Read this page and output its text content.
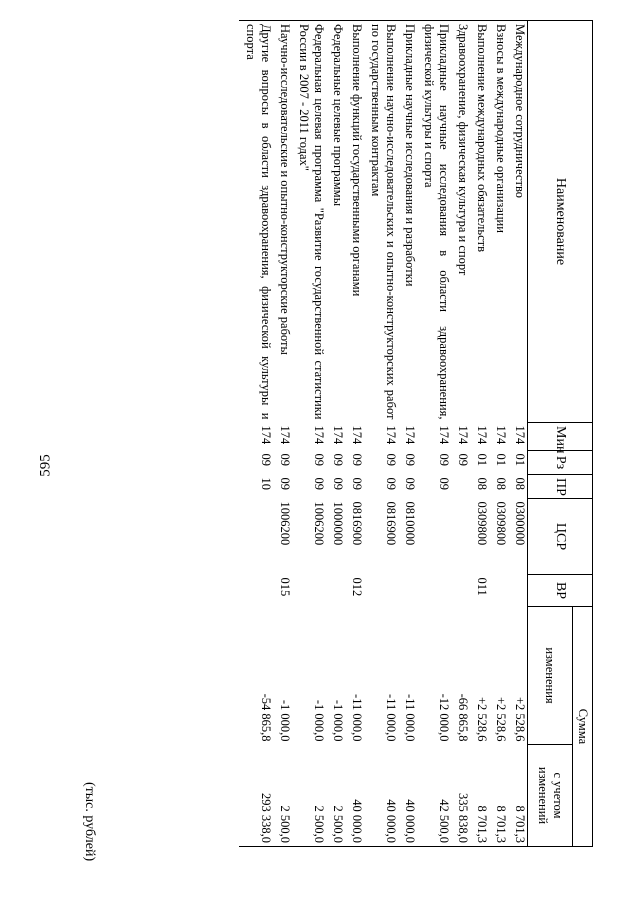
595
(тыс. рублей)
Наименование	Мин	Рз	ПР	ЦСР	ВР	Сумма	
						изменения	с учетом изменений
Международное сотрудничество	174	01	08	0300000		+2 528,6	8 701,3
Взносы в международные организации	174	01	08	0309800		+2 528,6	8 701,3
Выполнение международных обязательств	174	01	08	0309800	011	+2 528,6	8 701,3
Здравоохранение, физическая культура и спорт	174	09				-66 865,8	335 838,0
Прикладные научные исследования в области здравоохранения, физической культуры и спорта	174	09	09			-12 000,0	42 500,0
Прикладные научные исследования и разработки	174	09	09	0810000		-11 000,0	40 000,0
Выполнение научно-исследовательских и опытно-конструкторских работ по государственным контрактам	174	09	09	0816900		-11 000,0	40 000,0
Выполнение функций государственными органами	174	09	09	0816900	012	-11 000,0	40 000,0
Федеральные целевые программы	174	09	09	1000000		-1 000,0	2 500,0
Федеральная целевая программа "Развитие государственной статистики России в 2007 - 2011 годах"	174	09	09	1006200		-1 000,0	2 500,0
Научно-исследовательские и опытно-конструкторские работы	174	09	09	1006200	015	-1 000,0	2 500,0
Другие вопросы в области здравоохранения, физической культуры и спорта	174	09	10			-54 865,8	293 338,0
